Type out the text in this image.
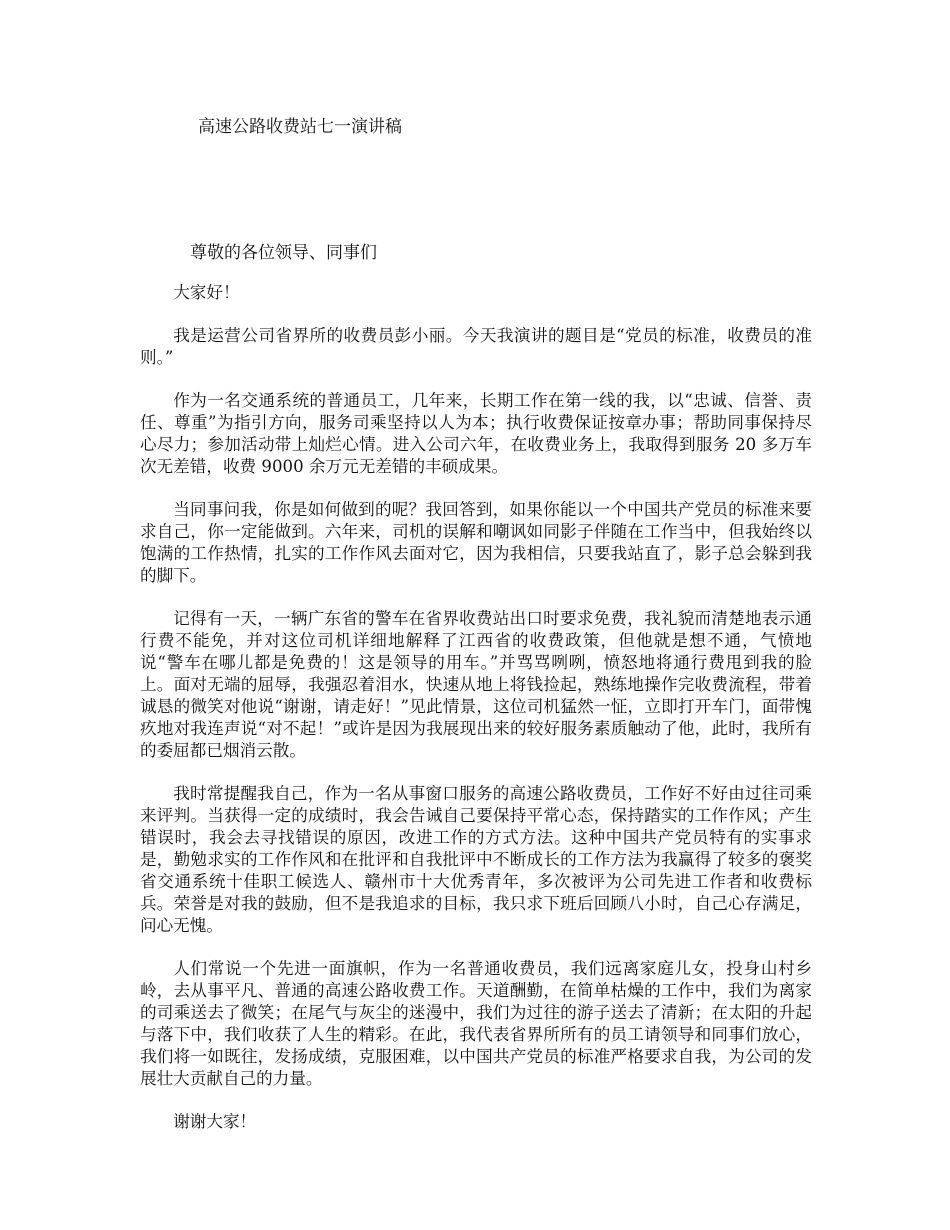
高速公路收费站七一演讲稿
尊敬的各位领导、同事们

大家好！

我是运营公司省界所的收费员彭小丽。今天我演讲的题目是“党员的标准，收费员的准则。”

作为一名交通系统的普通员工，几年来，长期工作在第一线的我，以“忠诚、信誉、责任、尊重”为指引方向，服务司乘坚持以人为本；执行收费保证按章办事；帮助同事保持尽心尽力；参加活动带上灿烂心情。进入公司六年，在收费业务上，我取得到服务 20 多万车次无差错，收费 9000 余万元无差错的丰硕成果。

当同事问我，你是如何做到的呢？我回答到，如果你能以一个中国共产党员的标准来要求自己，你一定能做到。六年来，司机的误解和嘲讽如同影子伴随在工作当中，但我始终以饱满的工作热情，扎实的工作作风去面对它，因为我相信，只要我站直了，影子总会躲到我的脚下。

记得有一天，一辆广东省的警车在省界收费站出口时要求免费，我礼貌而清楚地表示通行费不能免，并对这位司机详细地解释了江西省的收费政策，但他就是想不通，气愤地说“警车在哪儿都是免费的！这是领导的用车。”并骂骂咧咧，愤怒地将通行费甩到我的脸上。面对无端的屈辱，我强忍着泪水，快速从地上将钱捡起，熟练地操作完收费流程，带着诚恳的微笑对他说“谢谢，请走好！”见此情景，这位司机猛然一怔，立即打开车门，面带愧疚地对我连声说“对不起！”或许是因为我展现出来的较好服务素质触动了他，此时，我所有的委屈都已烟消云散。

我时常提醒我自己，作为一名从事窗口服务的高速公路收费员，工作好不好由过往司乘来评判。当获得一定的成绩时，我会告诫自己要保持平常心态，保持踏实的工作作风；产生错误时，我会去寻找错误的原因，改进工作的方式方法。这种中国共产党员特有的实事求是，勤勉求实的工作作风和在批评和自我批评中不断成长的工作方法为我赢得了较多的褒奖省交通系统十佳职工候选人、赣州市十大优秀青年，多次被评为公司先进工作者和收费标兵。荣誉是对我的鼓励，但不是我追求的目标，我只求下班后回顾八小时，自己心存满足，问心无愧。

人们常说一个先进一面旗帜，作为一名普通收费员，我们远离家庭儿女，投身山村乡岭，去从事平凡、普通的高速公路收费工作。天道酬勤，在简单枯燥的工作中，我们为离家的司乘送去了微笑；在尾气与灰尘的迷漫中，我们为过往的游子送去了清新；在太阳的升起与落下中，我们收获了人生的精彩。在此，我代表省界所所有的员工请领导和同事们放心，我们将一如既往，发扬成绩，克服困难，以中国共产党员的标准严格要求自我，为公司的发展壮大贡献自己的力量。

谢谢大家！
